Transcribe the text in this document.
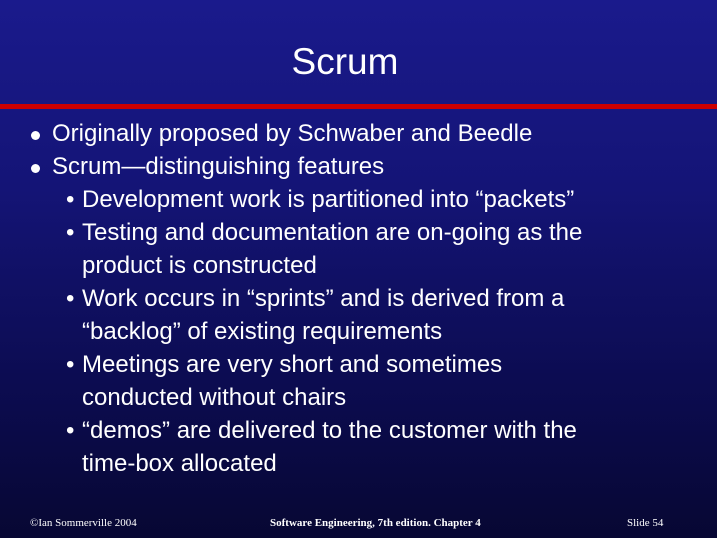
Scrum
Originally proposed by Schwaber and Beedle
Scrum—distinguishing features
• Development work is partitioned into “packets”
• Testing and documentation are on-going as the
product is constructed
• Work occurs in “sprints” and is derived from a
“backlog” of existing requirements
• Meetings are very short and sometimes
conducted without chairs
• “demos” are delivered to the customer with the
time-box allocated
©Ian Sommerville 2004	Software Engineering, 7th edition. Chapter 4	Slide 54
